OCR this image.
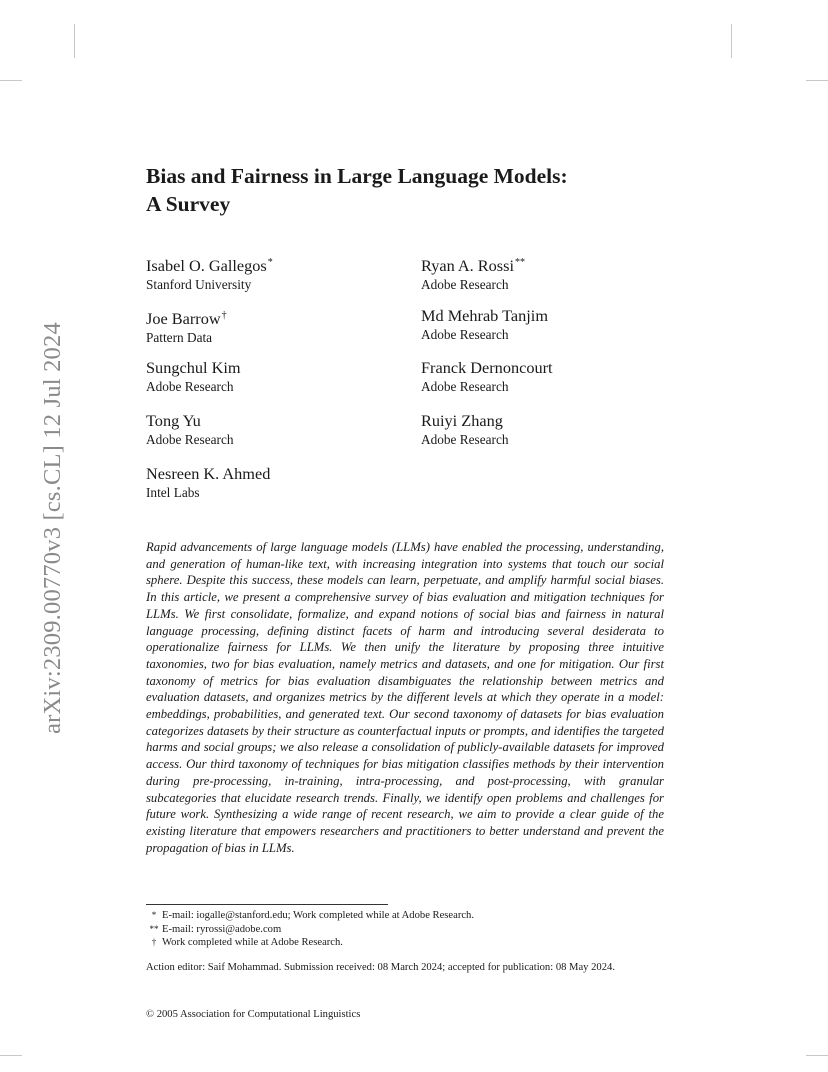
arXiv:2309.00770v3 [cs.CL] 12 Jul 2024
Bias and Fairness in Large Language Models:
A Survey
Isabel O. Gallegos*
Stanford University
Ryan A. Rossi**
Adobe Research
Joe Barrow†
Pattern Data
Md Mehrab Tanjim
Adobe Research
Sungchul Kim
Adobe Research
Franck Dernoncourt
Adobe Research
Tong Yu
Adobe Research
Ruiyi Zhang
Adobe Research
Nesreen K. Ahmed
Intel Labs

Rapid advancements of large language models (LLMs) have enabled the processing, understanding, and generation of human-like text, with increasing integration into systems that touch our social sphere. Despite this success, these models can learn, perpetuate, and amplify harmful social biases. In this article, we present a comprehensive survey of bias evaluation and mitigation techniques for LLMs. We first consolidate, formalize, and expand notions of social bias and fairness in natural language processing, defining distinct facets of harm and introducing several desiderata to operationalize fairness for LLMs. We then unify the literature by proposing three intuitive taxonomies, two for bias evaluation, namely metrics and datasets, and one for mitigation. Our first taxonomy of metrics for bias evaluation disambiguates the relationship between metrics and evaluation datasets, and organizes metrics by the different levels at which they operate in a model: embeddings, probabilities, and generated text. Our second taxonomy of datasets for bias evaluation categorizes datasets by their structure as counterfactual inputs or prompts, and identifies the targeted harms and social groups; we also release a consolidation of publicly-available datasets for improved access. Our third taxonomy of techniques for bias mitigation classifies methods by their intervention during pre-processing, in-training, intra-processing, and post-processing, with granular subcategories that elucidate research trends. Finally, we identify open problems and challenges for future work. Synthesizing a wide range of recent research, we aim to provide a clear guide of the existing literature that empowers researchers and practitioners to better understand and prevent the propagation of bias in LLMs.

* E-mail: iogalle@stanford.edu; Work completed while at Adobe Research.
** E-mail: ryrossi@adobe.com
† Work completed while at Adobe Research.
Action editor: Saif Mohammad. Submission received: 08 March 2024; accepted for publication: 08 May 2024.
© 2005 Association for Computational Linguistics
